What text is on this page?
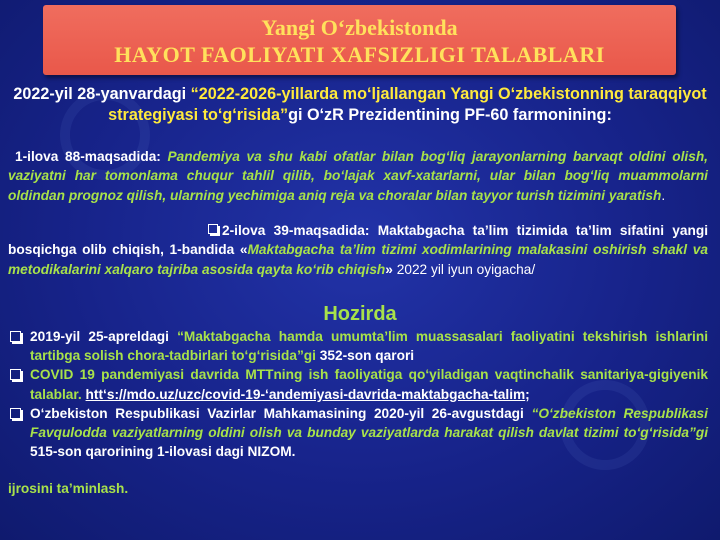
Yangi O‘zbekistonda
HAYOT FAOLIYATI XAFSIZLIGI TALABLARI
2022-yil 28-yanvardagi “2022-2026-yillarda mo‘ljallangan Yangi O‘zbekistonning taraqqiyot strategiyasi to‘g‘risida”gi O‘zR Prezidentining PF-60 farmonining:
1-ilova 88-maqsadida: Pandemiya va shu kabi ofatlar bilan bog‘liq jarayonlarning barvaqt oldini olish, vaziyatni har tomonlama chuqur tahlil qilib, bo‘lajak xavf-xatarlarni, ular bilan bog‘liq muammolarni oldindan prognoz qilish, ularning yechimiga aniq reja va choralar bilan tayyor turish tizimini yaratish.
2-ilova 39-maqsadida: Maktabgacha ta’lim tizimida ta’lim sifatini yangi bosqichga olib chiqish, 1-bandida «Maktabgacha ta’lim tizimi xodimlarining malakasini oshirish shakl va metodikalarini xalqaro tajriba asosida qayta ko‘rib chiqish» 2022 yil iyun oyigacha/
Hozirda
2019-yil 25-apreldagi “Maktabgacha hamda umumta’lim muassasalari faoliyatini tekshirish ishlarini tartibga solish chora-tadbirlari to‘g‘risida”gi 352-son qarori
COVID 19 pandemiyasi davrida MTTning ish faoliyatiga qo‘yiladigan vaqtinchalik sanitariya-gigiyenik talablar. htt‘s://mdo.uz/uzc/covid-19-‘andemiyasi-davrida-maktabgacha-talim;
O‘zbekiston Respublikasi Vazirlar Mahkamasining 2020-yil 26-avgustdagi “O‘zbekiston Respublikasi Favqulodda vaziyatlarning oldini olish va bunday vaziyatlarda harakat qilish davlat tizimi to‘g‘risida”gi 515-son qarorining 1-ilovasi dagi NIZOM.
ijrosini ta’minlash.
